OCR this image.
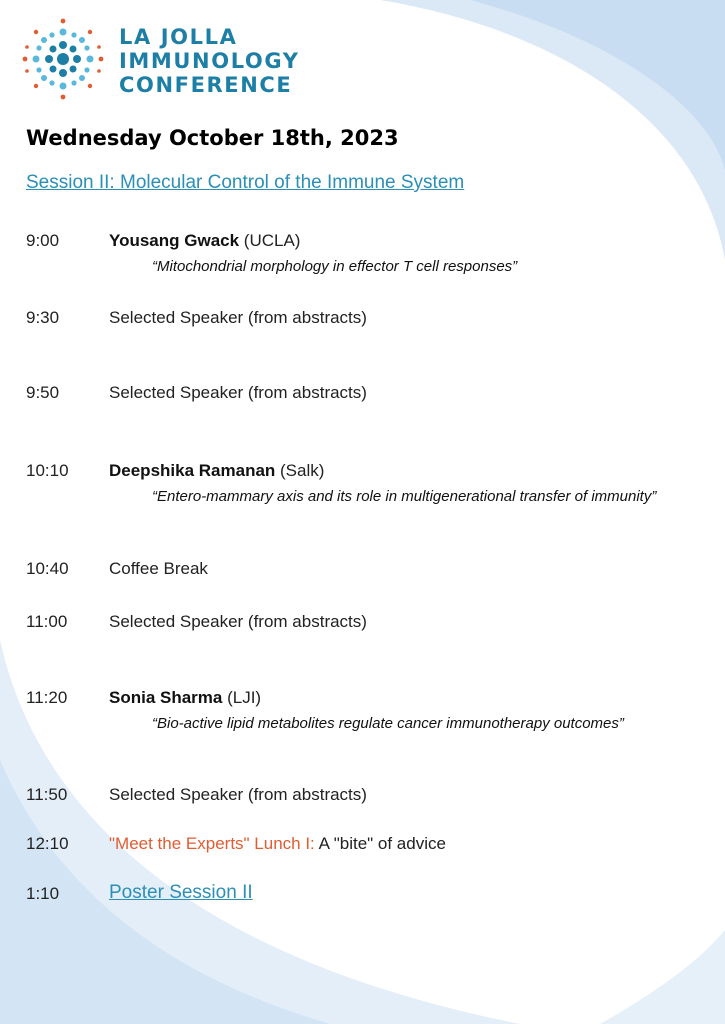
LA JOLLA
IMMUNOLOGY
CONFERENCE
Wednesday October 18th, 2023
Session II: Molecular Control of the Immune System
9:00	Yousang Gwack (UCLA)
“Mitochondrial morphology in effector T cell responses”
9:30	Selected Speaker (from abstracts)
9:50	Selected Speaker (from abstracts)
10:10 Deepshika Ramanan (Salk)
“Entero-mammary axis and its role in multigenerational transfer of immunity”
10:40 Coffee Break
11:00 Selected Speaker (from abstracts)
11:20 Sonia Sharma (LJI)
“Bio-active lipid metabolites regulate cancer immunotherapy outcomes”
11:50 Selected Speaker (from abstracts)
12:10 "Meet the Experts" Lunch I: A "bite" of advice
1:10	Poster Session II
